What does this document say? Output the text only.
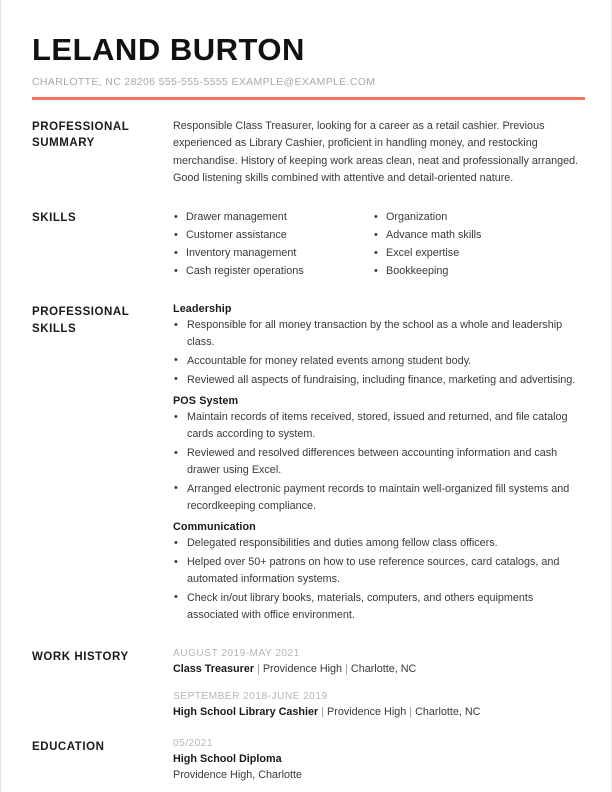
LELAND BURTON
CHARLOTTE, NC 28206 555-555-5555 EXAMPLE@EXAMPLE.COM
PROFESSIONAL SUMMARY
Responsible Class Treasurer, looking for a career as a retail cashier. Previous experienced as Library Cashier, proficient in handling money, and restocking merchandise. History of keeping work areas clean, neat and professionally arranged. Good listening skills combined with attentive and detail-oriented nature.
SKILLS	• Drawer management
• Customer assistance
• Inventory management
• Cash register operations
• Organization
• Advance math skills
• Excel expertise
• Bookkeeping
PROFESSIONAL SKILLS
Leadership
• Responsible for all money transaction by the school as a whole and leadership class.
• Accountable for money related events among student body.
• Reviewed all aspects of fundraising, including finance, marketing and advertising.
POS System
• Maintain records of items received, stored, issued and returned, and file catalog cards according to system.
• Reviewed and resolved differences between accounting information and cash drawer using Excel.
• Arranged electronic payment records to maintain well-organized fill systems and recordkeeping compliance.
Communication
• Delegated responsibilities and duties among fellow class officers.
• Helped over 50+ patrons on how to use reference sources, card catalogs, and automated information systems.
• Check in/out library books, materials, computers, and others equipments associated with office environment.
WORK HISTORY	AUGUST 2019-MAY 2021
Class Treasurer | Providence High | Charlotte, NC
SEPTEMBER 2018-JUNE 2019
High School Library Cashier | Providence High | Charlotte, NC
EDUCATION	05/2021
High School Diploma
Providence High, Charlotte
